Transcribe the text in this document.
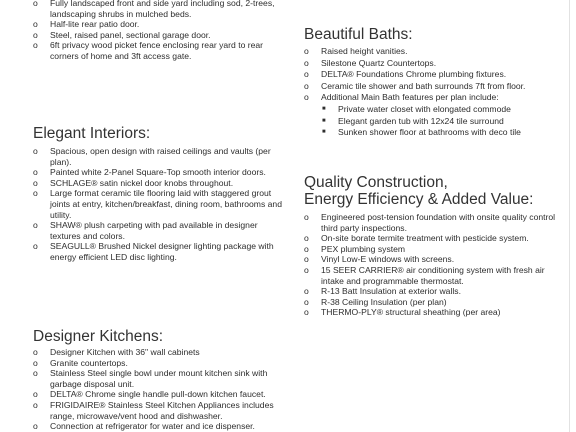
o Fully landscaped front and side yard including sod, 2-trees, landscaping shrubs in mulched beds.
o Half-lite rear patio door.
o Steel, raised panel, sectional garage door.
o 6ft privacy wood picket fence enclosing rear yard to rear corners of home and 3ft access gate.
Elegant Interiors:
o Spacious, open design with raised ceilings and vaults (per plan).
o Painted white 2-Panel Square-Top smooth interior doors.
o SCHLAGE® satin nickel door knobs throughout.
o Large format ceramic tile flooring laid with staggered grout joints at entry, kitchen/breakfast, dining room, bathrooms and utility.
o SHAW® plush carpeting with pad available in designer textures and colors.
o SEAGULL® Brushed Nickel designer lighting package with energy efficient LED disc lighting.
Designer Kitchens:
o Designer Kitchen with 36" wall cabinets
o Granite countertops.
o Stainless Steel single bowl under mount kitchen sink with garbage disposal unit.
o DELTA® Chrome single handle pull-down kitchen faucet.
o FRIGIDAIRE® Stainless Steel Kitchen Appliances includes range, microwave/vent hood and dishwasher.
o Connection at refrigerator for water and ice dispenser.
Beautiful Baths:
o Raised height vanities.
o Silestone Quartz Countertops.
o DELTA® Foundations Chrome plumbing fixtures.
o Ceramic tile shower and bath surrounds 7ft from floor.
o Additional Main Bath features per plan include:
■ Private water closet with elongated commode
■ Elegant garden tub with 12x24 tile surround
■ Sunken shower floor at bathrooms with deco tile
Quality Construction,
Energy Efficiency & Added Value:
o Engineered post-tension foundation with onsite quality control third party inspections.
o On-site borate termite treatment with pesticide system.
o PEX plumbing system
o Vinyl Low-E windows with screens.
o 15 SEER CARRIER® air conditioning system with fresh air intake and programmable thermostat.
o R-13 Batt Insulation at exterior walls.
o R-38 Ceiling Insulation (per plan)
o THERMO-PLY® structural sheathing (per area)
